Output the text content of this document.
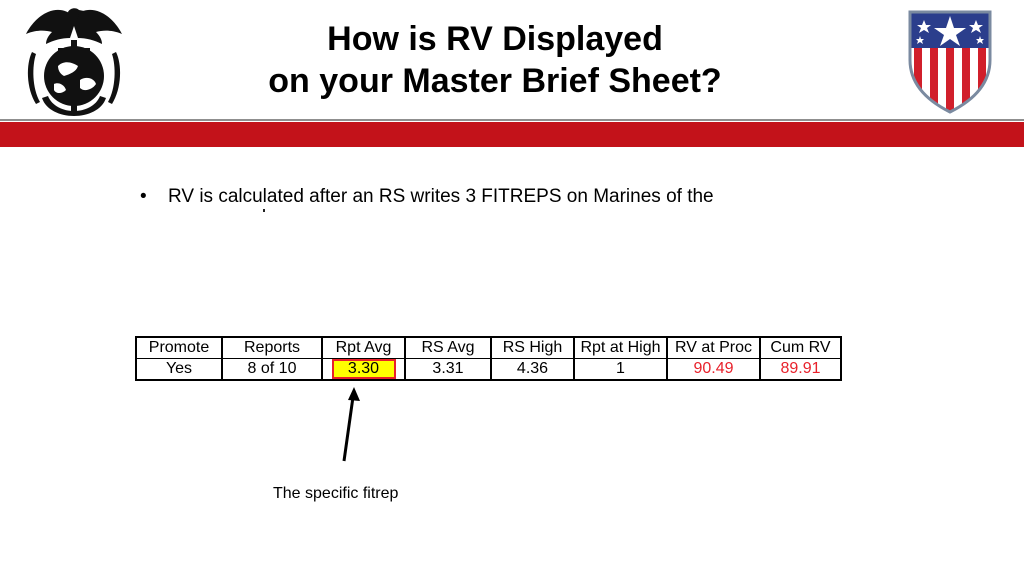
How is RV Displayed
on your Master Brief Sheet?
• RV is calculated after an RS writes 3 FITREPS on Marines of the
Promote	Reports	Rpt Avg	RS Avg	RS High	Rpt at High	RV at Proc	Cum RV
Yes	8 of 10	3.30	3.31	4.36	1	90.49	89.91
The specific fitrep
